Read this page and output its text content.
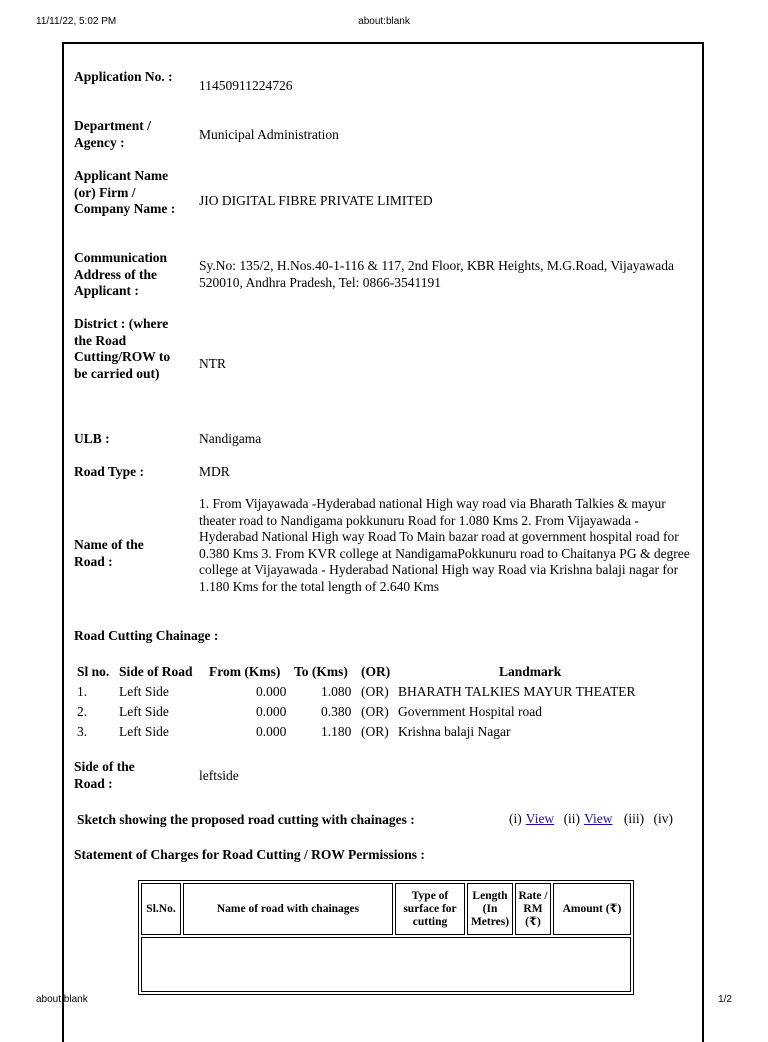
11/11/22, 5:02 PM	about:blank
Application No. :
11450911224726
Department / Agency :	Municipal Administration
Applicant Name (or) Firm / Company Name :
JIO DIGITAL FIBRE PRIVATE LIMITED
Communication Address of the Applicant :
Sy.No: 135/2, H.Nos.40-1-116 & 117, 2nd Floor, KBR Heights, M.G.Road, Vijayawada 520010, Andhra Pradesh, Tel: 0866-3541191
District : (where the Road Cutting/ROW to be carried out)
NTR
ULB :	Nandigama
Road Type :	MDR
Name of the Road :
1. From Vijayawada -Hyderabad national High way road via Bharath Talkies & mayur theater road to Nandigama pokkunuru Road for 1.080 Kms 2. From Vijayawada -Hyderabad National High way Road To Main bazar road at government hospital road for 0.380 Kms 3. From KVR college at NandigamaPokkunuru road to Chaitanya PG & degree college at Vijayawada - Hyderabad National High way Road via Krishna balaji nagar for 1.180 Kms for the total length of 2.640 Kms
Road Cutting Chainage :
Sl no. Side of Road From (Kms) To (Kms) (OR)	Landmark
1. Left Side	0.000	1.080 (OR) BHARATH TALKIES MAYUR THEATER
2. Left Side	0.000	0.380 (OR) Government Hospital road
3. Left Side	0.000	1.180 (OR) Krishna balaji Nagar
Side of the Road :	leftside
Sketch showing the proposed road cutting with chainages :	(i) View (ii) View (iii) (iv)
Statement of Charges for Road Cutting / ROW Permissions :
Sl.No.	Name of road with chainages	Type of surface for cutting	Length (In Metres)	Rate / RM (₹)	Amount (₹)

about:blank	1/2
